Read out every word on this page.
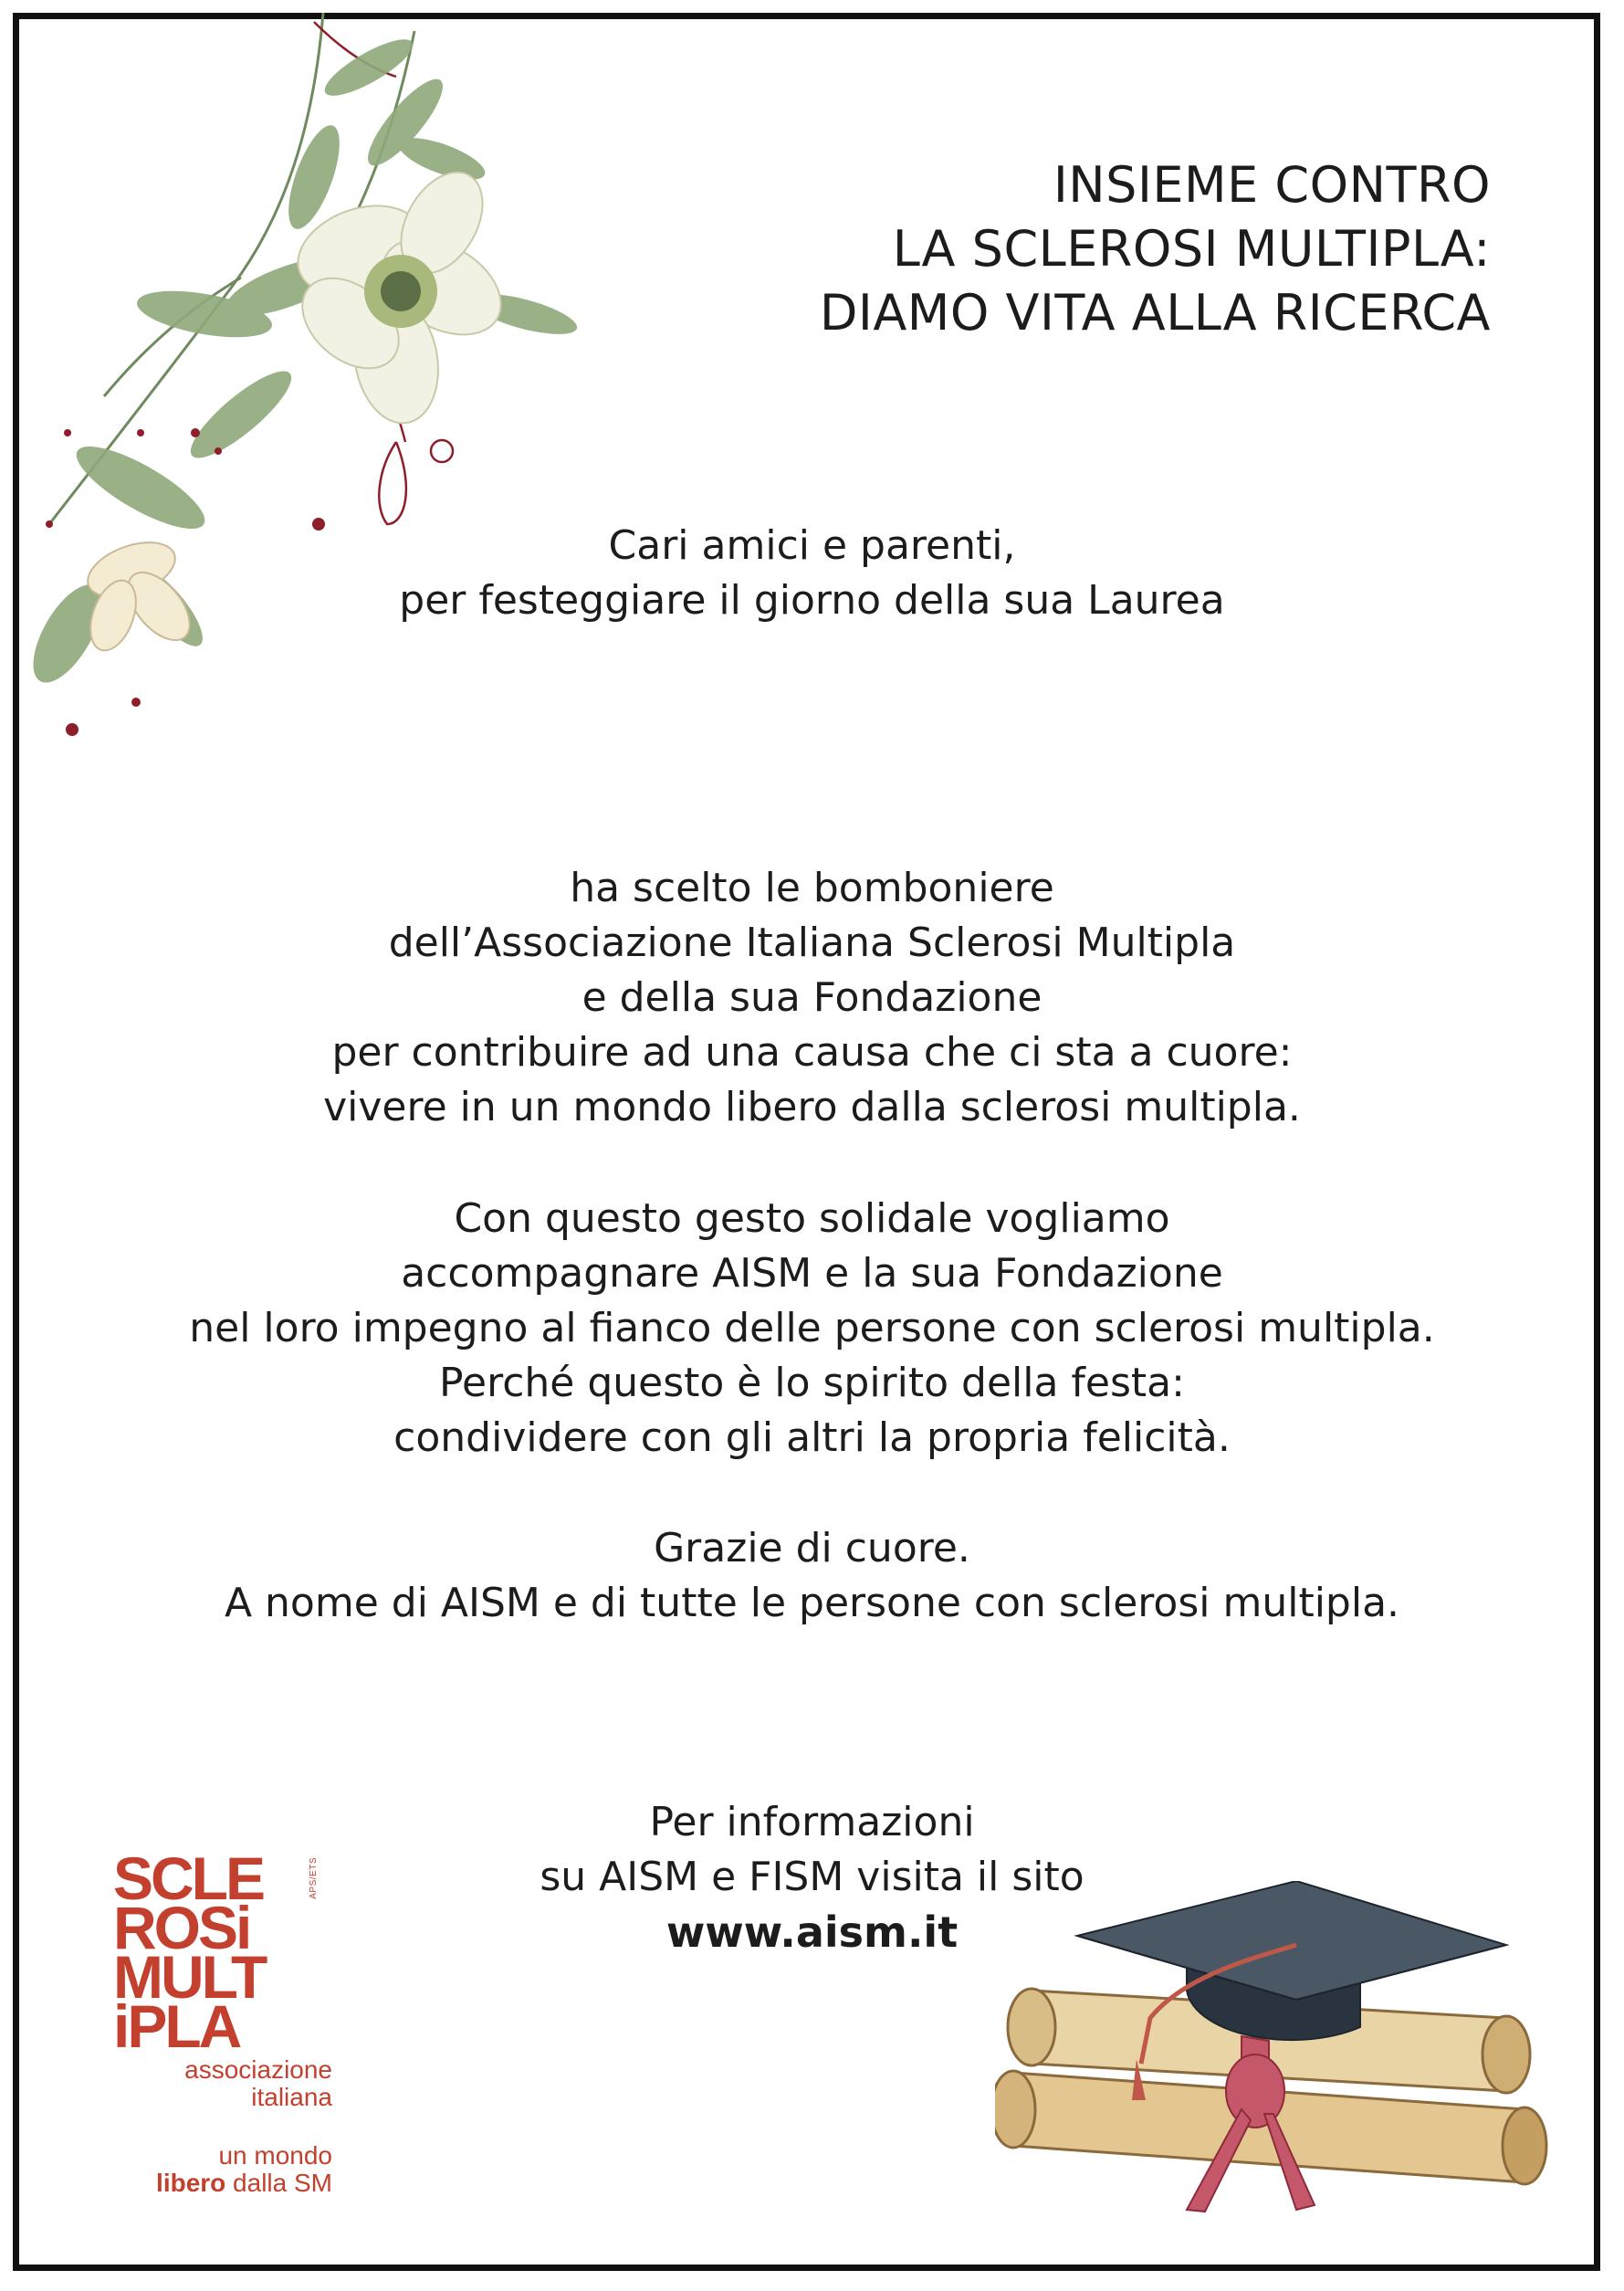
INSIEME CONTRO
LA SCLEROSI MULTIPLA:
DIAMO VITA ALLA RICERCA
Cari amici e parenti,
per festeggiare il giorno della sua Laurea
ha scelto le bomboniere
dell’Associazione Italiana Sclerosi Multipla
e della sua Fondazione
per contribuire ad una causa che ci sta a cuore:
vivere in un mondo libero dalla sclerosi multipla.
Con questo gesto solidale vogliamo
accompagnare AISM e la sua Fondazione
nel loro impegno al fianco delle persone con sclerosi multipla.
Perché questo è lo spirito della festa:
condividere con gli altri la propria felicità.
Grazie di cuore.
A nome di AISM e di tutte le persone con sclerosi multipla.
Per informazioni
su AISM e FISM visita il sito
www.aism.it
SCLE
ROSi
MULT
iPLA
APS/ETS
associazione
italiana
un mondo
libero dalla SM
